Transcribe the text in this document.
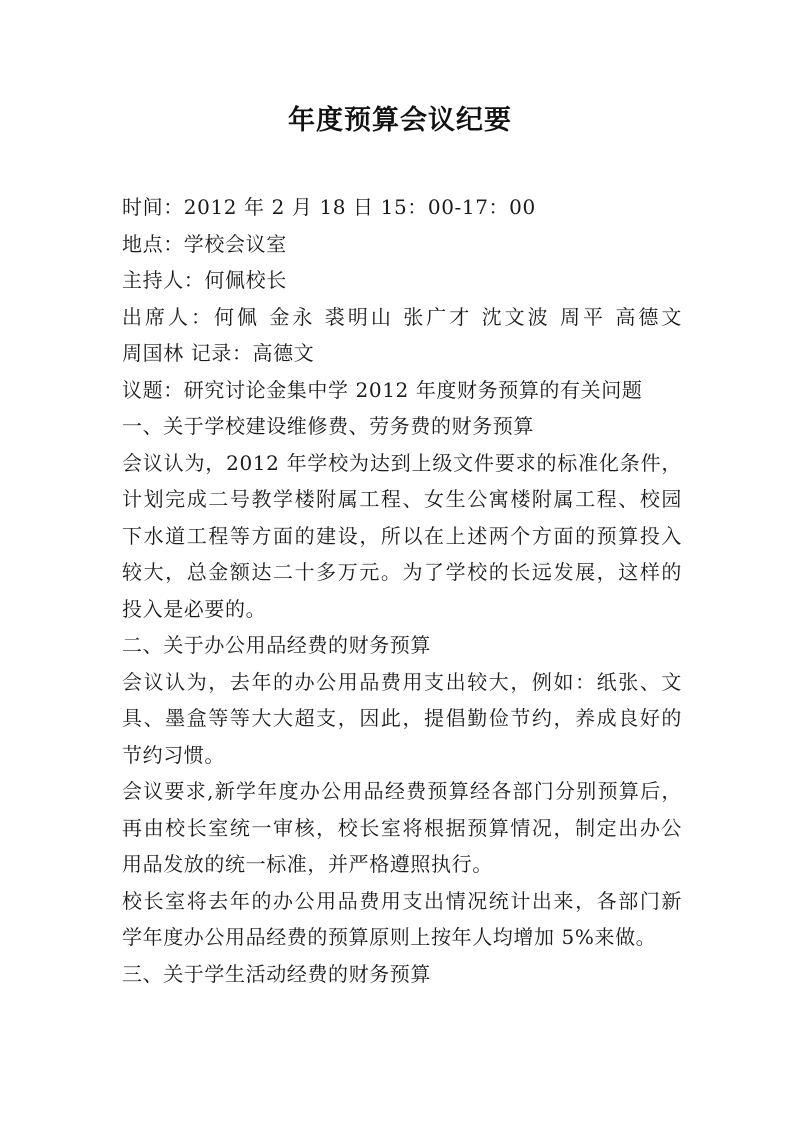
年度预算会议纪要
时间：2012 年 2 月 18 日 15：00-17：00
地点：学校会议室
主持人：何佩校长
出席人：何佩 金永 裘明山 张广才 沈文波 周平 高德文
周国林 记录：高德文
议题：研究讨论金集中学 2012 年度财务预算的有关问题
一、关于学校建设维修费、劳务费的财务预算
会议认为，2012 年学校为达到上级文件要求的标准化条件，
计划完成二号教学楼附属工程、女生公寓楼附属工程、校园
下水道工程等方面的建设，所以在上述两个方面的预算投入
较大，总金额达二十多万元。为了学校的长远发展，这样的
投入是必要的。
二、关于办公用品经费的财务预算
会议认为，去年的办公用品费用支出较大，例如：纸张、文
具、墨盒等等大大超支，因此，提倡勤俭节约，养成良好的
节约习惯。
会议要求,新学年度办公用品经费预算经各部门分别预算后，
再由校长室统一审核，校长室将根据预算情况，制定出办公
用品发放的统一标准，并严格遵照执行。
校长室将去年的办公用品费用支出情况统计出来，各部门新
学年度办公用品经费的预算原则上按年人均增加 5%来做。
三、关于学生活动经费的财务预算
